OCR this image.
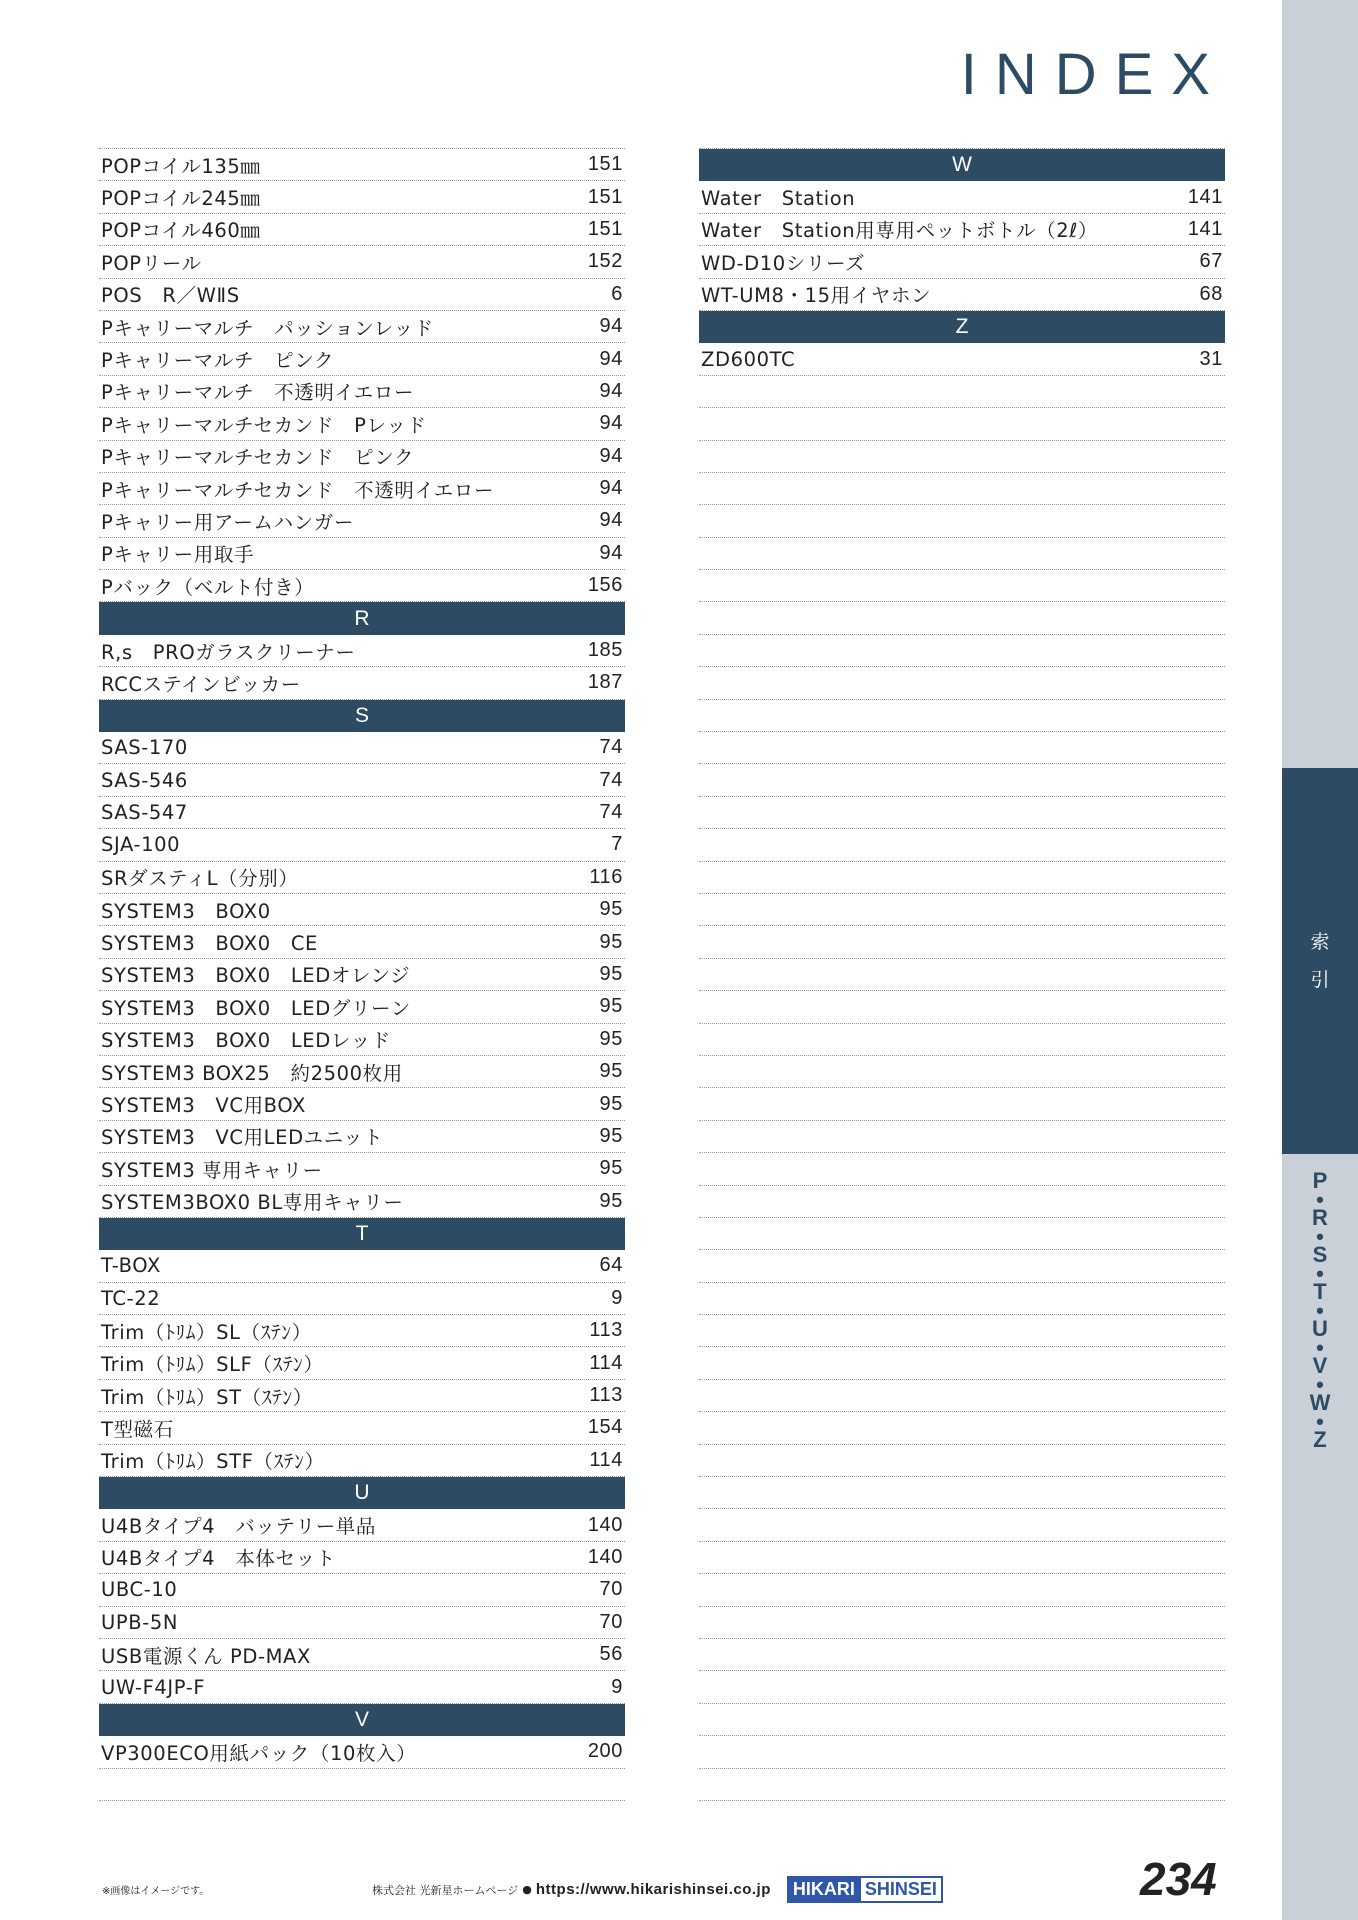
INDEX
POPコイル135㎜	151
POPコイル245㎜	151
POPコイル460㎜	151
POPリール	152
POS　R／WⅡS	6
Pキャリーマルチ　パッションレッド	94
Pキャリーマルチ　ピンク	94
Pキャリーマルチ　不透明イエロー	94
Pキャリーマルチセカンド　Pレッド	94
Pキャリーマルチセカンド　ピンク	94
Pキャリーマルチセカンド　不透明イエロー	94
Pキャリー用アームハンガー	94
Pキャリー用取手	94
Pバック（ベルト付き）	156
R
R,s　PROガラスクリーナー	185
RCCステインビッカー	187
S
SAS-170	74
SAS-546	74
SAS-547	74
SJA-100	7
SRダスティL（分別）	116
SYSTEM3　BOX0	95
SYSTEM3　BOX0　CE	95
SYSTEM3　BOX0　LEDオレンジ	95
SYSTEM3　BOX0　LEDグリーン	95
SYSTEM3　BOX0　LEDレッド	95
SYSTEM3 BOX25　約2500枚用	95
SYSTEM3　VC用BOX	95
SYSTEM3　VC用LEDユニット	95
SYSTEM3 専用キャリー	95
SYSTEM3BOX0 BL専用キャリー	95
T
T-BOX	64
TC-22	9
Trim（ﾄﾘﾑ）SL（ｽﾃﾝ）	113
Trim（ﾄﾘﾑ）SLF（ｽﾃﾝ）	114
Trim（ﾄﾘﾑ）ST（ｽﾃﾝ）	113
T型磁石	154
Trim（ﾄﾘﾑ）STF（ｽﾃﾝ）	114
U
U4Bタイプ4　バッテリー単品	140
U4Bタイプ4　本体セット	140
UBC-10	70
UPB-5N	70
USB電源くん PD-MAX	56
UW-F4JP-F	9
V
VP300ECO用紙パック（10枚入）	200
W
Water　Station	141
Water　Station用専用ペットボトル（2ℓ）	141
WD-D10シリーズ	67
WT-UM8・15用イヤホン	68
Z
ZD600TC	31
索
引
P
•
R
•
S
•
T
•
U
•
V
•
W
•
Z
※画像はイメージです。	株式会社 光新星ホームページ ● https://www.hikarishinsei.co.jp	HIKARI SHINSEI	234
